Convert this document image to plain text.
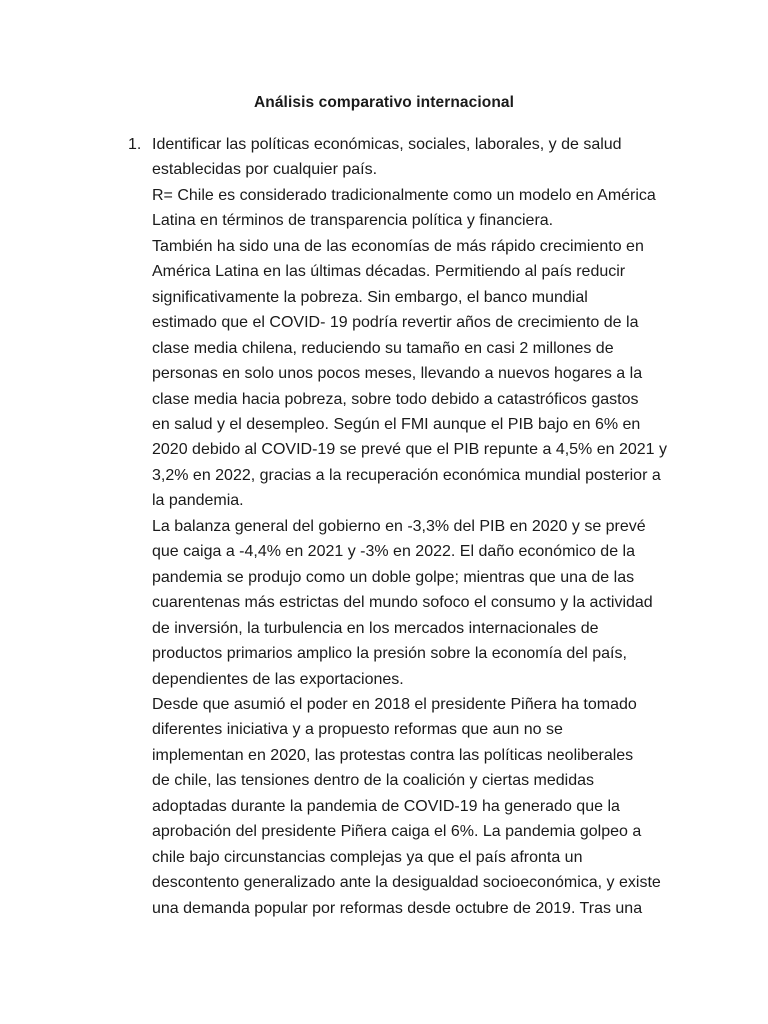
Análisis comparativo internacional
1. Identificar las políticas económicas, sociales, laborales, y de salud
establecidas por cualquier país.
R= Chile es considerado tradicionalmente como un modelo en América
Latina en términos de transparencia política y financiera.
También ha sido una de las economías de más rápido crecimiento en
América Latina en las últimas décadas. Permitiendo al país reducir
significativamente la pobreza. Sin embargo, el banco mundial
estimado que el COVID- 19 podría revertir años de crecimiento de la
clase media chilena, reduciendo su tamaño en casi 2 millones de
personas en solo unos pocos meses, llevando a nuevos hogares a la
clase media hacia pobreza, sobre todo debido a catastróficos gastos
en salud y el desempleo. Según el FMI aunque el PIB bajo en 6% en
2020 debido al COVID-19 se prevé que el PIB repunte a 4,5% en 2021 y
3,2% en 2022, gracias a la recuperación económica mundial posterior a
la pandemia.
La balanza general del gobierno en -3,3% del PIB en 2020 y se prevé
que caiga a -4,4% en 2021 y -3% en 2022. El daño económico de la
pandemia se produjo como un doble golpe; mientras que una de las
cuarentenas más estrictas del mundo sofoco el consumo y la actividad
de inversión, la turbulencia en los mercados internacionales de
productos primarios amplico la presión sobre la economía del país,
dependientes de las exportaciones.
Desde que asumió el poder en 2018 el presidente Piñera ha tomado
diferentes iniciativa y a propuesto reformas que aun no se
implementan en 2020, las protestas contra las políticas neoliberales
de chile, las tensiones dentro de la coalición y ciertas medidas
adoptadas durante la pandemia de COVID-19 ha generado que la
aprobación del presidente Piñera caiga el 6%. La pandemia golpeo a
chile bajo circunstancias complejas ya que el país afronta un
descontento generalizado ante la desigualdad socioeconómica, y existe
una demanda popular por reformas desde octubre de 2019. Tras una
